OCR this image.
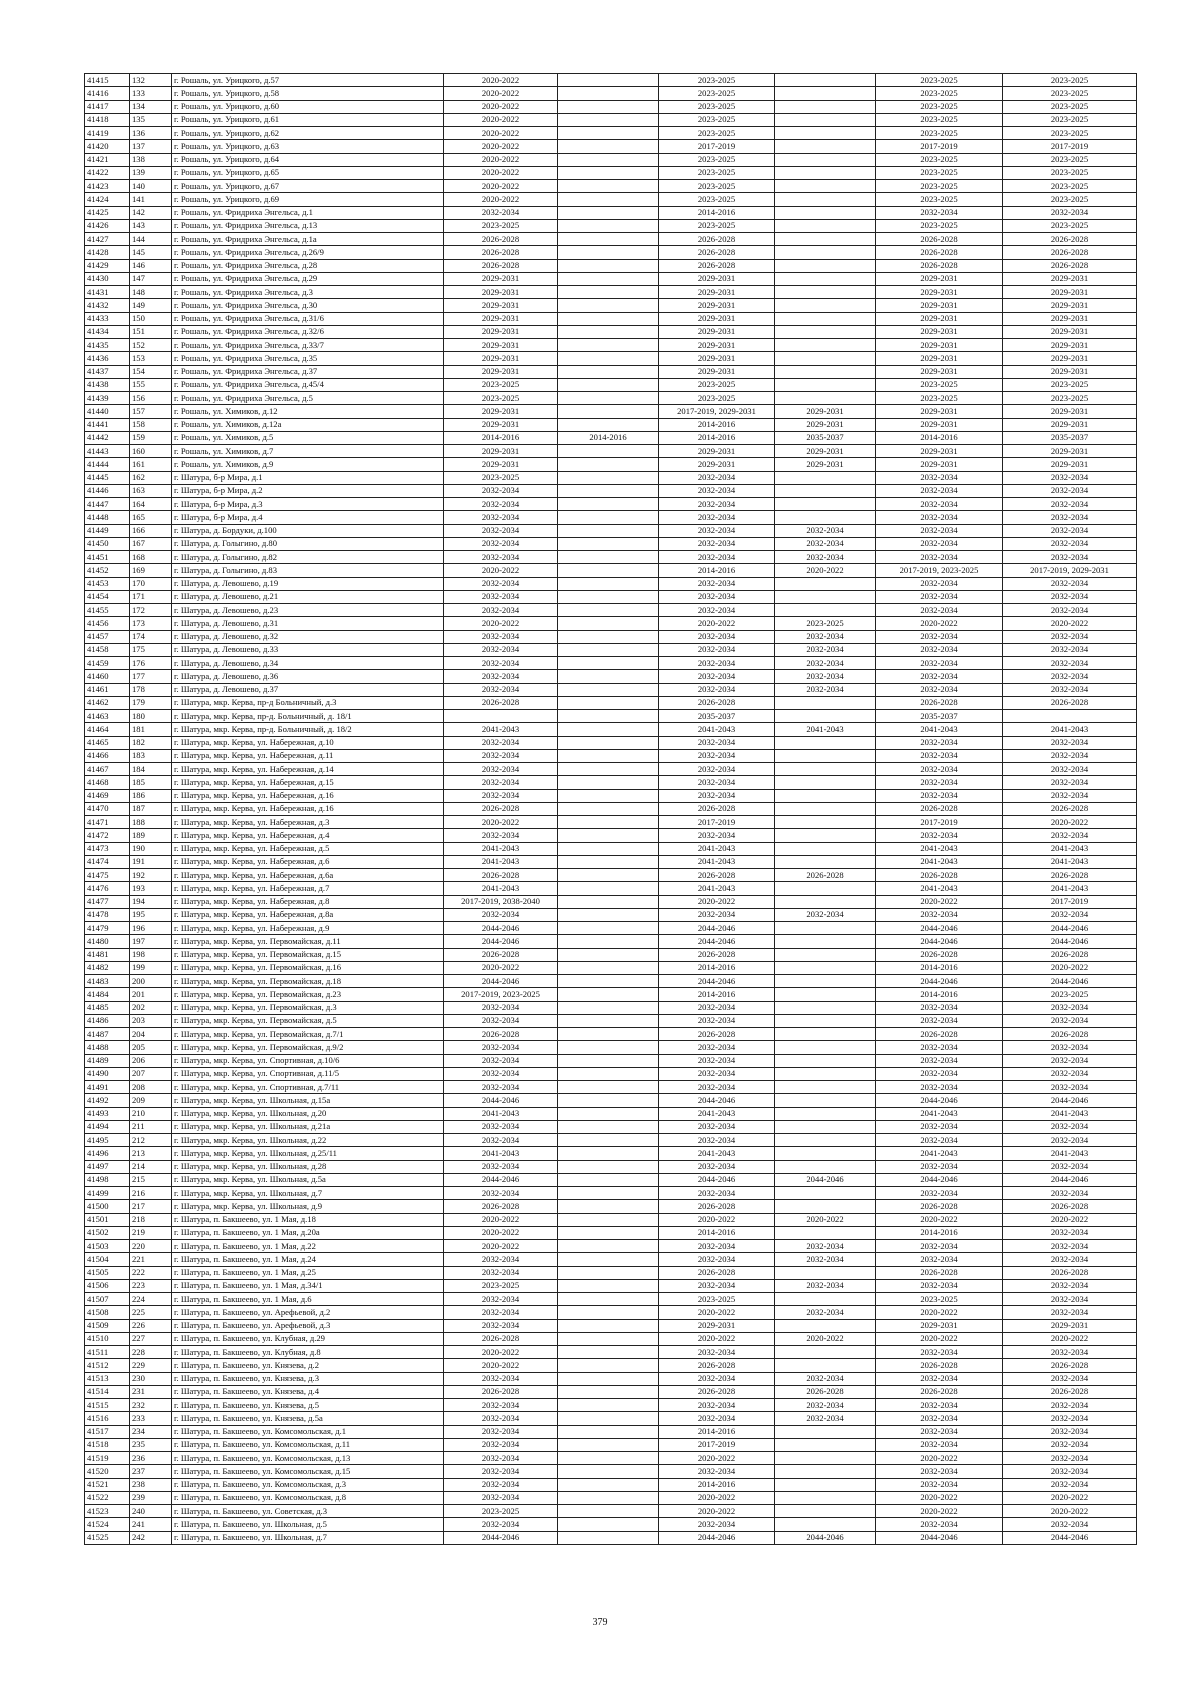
41415	132	г. Рошаль, ул. Урицкого, д.57	2020-2022		2023-2025		2023-2025	2023-2025
41416	133	г. Рошаль, ул. Урицкого, д.58	2020-2022		2023-2025		2023-2025	2023-2025
41417	134	г. Рошаль, ул. Урицкого, д.60	2020-2022		2023-2025		2023-2025	2023-2025
41418	135	г. Рошаль, ул. Урицкого, д.61	2020-2022		2023-2025		2023-2025	2023-2025
41419	136	г. Рошаль, ул. Урицкого, д.62	2020-2022		2023-2025		2023-2025	2023-2025
41420	137	г. Рошаль, ул. Урицкого, д.63	2020-2022		2017-2019		2017-2019	2017-2019
41421	138	г. Рошаль, ул. Урицкого, д.64	2020-2022		2023-2025		2023-2025	2023-2025
41422	139	г. Рошаль, ул. Урицкого, д.65	2020-2022		2023-2025		2023-2025	2023-2025
41423	140	г. Рошаль, ул. Урицкого, д.67	2020-2022		2023-2025		2023-2025	2023-2025
41424	141	г. Рошаль, ул. Урицкого, д.69	2020-2022		2023-2025		2023-2025	2023-2025
41425	142	г. Рошаль, ул. Фридриха Энгельса, д.1	2032-2034		2014-2016		2032-2034	2032-2034
41426	143	г. Рошаль, ул. Фридриха Энгельса, д.13	2023-2025		2023-2025		2023-2025	2023-2025
41427	144	г. Рошаль, ул. Фридриха Энгельса, д.1а	2026-2028		2026-2028		2026-2028	2026-2028
41428	145	г. Рошаль, ул. Фридриха Энгельса, д.26/9	2026-2028		2026-2028		2026-2028	2026-2028
41429	146	г. Рошаль, ул. Фридриха Энгельса, д.28	2026-2028		2026-2028		2026-2028	2026-2028
41430	147	г. Рошаль, ул. Фридриха Энгельса, д.29	2029-2031		2029-2031		2029-2031	2029-2031
41431	148	г. Рошаль, ул. Фридриха Энгельса, д.3	2029-2031		2029-2031		2029-2031	2029-2031
41432	149	г. Рошаль, ул. Фридриха Энгельса, д.30	2029-2031		2029-2031		2029-2031	2029-2031
41433	150	г. Рошаль, ул. Фридриха Энгельса, д.31/6	2029-2031		2029-2031		2029-2031	2029-2031
41434	151	г. Рошаль, ул. Фридриха Энгельса, д.32/6	2029-2031		2029-2031		2029-2031	2029-2031
41435	152	г. Рошаль, ул. Фридриха Энгельса, д.33/7	2029-2031		2029-2031		2029-2031	2029-2031
41436	153	г. Рошаль, ул. Фридриха Энгельса, д.35	2029-2031		2029-2031		2029-2031	2029-2031
41437	154	г. Рошаль, ул. Фридриха Энгельса, д.37	2029-2031		2029-2031		2029-2031	2029-2031
41438	155	г. Рошаль, ул. Фридриха Энгельса, д.45/4	2023-2025		2023-2025		2023-2025	2023-2025
41439	156	г. Рошаль, ул. Фридриха Энгельса, д.5	2023-2025		2023-2025		2023-2025	2023-2025
41440	157	г. Рошаль, ул. Химиков, д.12	2029-2031		2017-2019, 2029-2031	2029-2031	2029-2031	2029-2031
41441	158	г. Рошаль, ул. Химиков, д.12а	2029-2031		2014-2016	2029-2031	2029-2031	2029-2031
41442	159	г. Рошаль, ул. Химиков, д.5	2014-2016	2014-2016	2014-2016	2035-2037	2014-2016	2035-2037
41443	160	г. Рошаль, ул. Химиков, д.7	2029-2031		2029-2031	2029-2031	2029-2031	2029-2031
41444	161	г. Рошаль, ул. Химиков, д.9	2029-2031		2029-2031	2029-2031	2029-2031	2029-2031
41445	162	г. Шатура, б-р Мира, д.1	2023-2025		2032-2034		2032-2034	2032-2034
41446	163	г. Шатура, б-р Мира, д.2	2032-2034		2032-2034		2032-2034	2032-2034
41447	164	г. Шатура, б-р Мира, д.3	2032-2034		2032-2034		2032-2034	2032-2034
41448	165	г. Шатура, б-р Мира, д.4	2032-2034		2032-2034		2032-2034	2032-2034
41449	166	г. Шатура, д. Бордуки, д.100	2032-2034		2032-2034	2032-2034	2032-2034	2032-2034
41450	167	г. Шатура, д. Голыгино, д.80	2032-2034		2032-2034	2032-2034	2032-2034	2032-2034
41451	168	г. Шатура, д. Голыгино, д.82	2032-2034		2032-2034	2032-2034	2032-2034	2032-2034
41452	169	г. Шатура, д. Голыгино, д.83	2020-2022		2014-2016	2020-2022	2017-2019, 2023-2025	2017-2019, 2029-2031
41453	170	г. Шатура, д. Левошево, д.19	2032-2034		2032-2034		2032-2034	2032-2034
41454	171	г. Шатура, д. Левошево, д.21	2032-2034		2032-2034		2032-2034	2032-2034
41455	172	г. Шатура, д. Левошево, д.23	2032-2034		2032-2034		2032-2034	2032-2034
41456	173	г. Шатура, д. Левошево, д.31	2020-2022		2020-2022	2023-2025	2020-2022	2020-2022
41457	174	г. Шатура, д. Левошево, д.32	2032-2034		2032-2034	2032-2034	2032-2034	2032-2034
41458	175	г. Шатура, д. Левошево, д.33	2032-2034		2032-2034	2032-2034	2032-2034	2032-2034
41459	176	г. Шатура, д. Левошево, д.34	2032-2034		2032-2034	2032-2034	2032-2034	2032-2034
41460	177	г. Шатура, д. Левошево, д.36	2032-2034		2032-2034	2032-2034	2032-2034	2032-2034
41461	178	г. Шатура, д. Левошево, д.37	2032-2034		2032-2034	2032-2034	2032-2034	2032-2034
41462	179	г. Шатура, мкр. Керва, пр-д Больничный, д.3	2026-2028		2026-2028		2026-2028	2026-2028
41463	180	г. Шатура, мкр. Керва, пр-д. Больничный, д. 18/1			2035-2037		2035-2037	
41464	181	г. Шатура, мкр. Керва, пр-д. Больничный, д. 18/2	2041-2043		2041-2043	2041-2043	2041-2043	2041-2043
41465	182	г. Шатура, мкр. Керва, ул. Набережная, д.10	2032-2034		2032-2034		2032-2034	2032-2034
41466	183	г. Шатура, мкр. Керва, ул. Набережная, д.11	2032-2034		2032-2034		2032-2034	2032-2034
41467	184	г. Шатура, мкр. Керва, ул. Набережная, д.14	2032-2034		2032-2034		2032-2034	2032-2034
41468	185	г. Шатура, мкр. Керва, ул. Набережная, д.15	2032-2034		2032-2034		2032-2034	2032-2034
41469	186	г. Шатура, мкр. Керва, ул. Набережная, д.16	2032-2034		2032-2034		2032-2034	2032-2034
41470	187	г. Шатура, мкр. Керва, ул. Набережная, д.16	2026-2028		2026-2028		2026-2028	2026-2028
41471	188	г. Шатура, мкр. Керва, ул. Набережная, д.3	2020-2022		2017-2019		2017-2019	2020-2022
41472	189	г. Шатура, мкр. Керва, ул. Набережная, д.4	2032-2034		2032-2034		2032-2034	2032-2034
41473	190	г. Шатура, мкр. Керва, ул. Набережная, д.5	2041-2043		2041-2043		2041-2043	2041-2043
41474	191	г. Шатура, мкр. Керва, ул. Набережная, д.6	2041-2043		2041-2043		2041-2043	2041-2043
41475	192	г. Шатура, мкр. Керва, ул. Набережная, д.6а	2026-2028		2026-2028	2026-2028	2026-2028	2026-2028
41476	193	г. Шатура, мкр. Керва, ул. Набережная, д.7	2041-2043		2041-2043		2041-2043	2041-2043
41477	194	г. Шатура, мкр. Керва, ул. Набережная, д.8	2017-2019, 2038-2040		2020-2022		2020-2022	2017-2019
41478	195	г. Шатура, мкр. Керва, ул. Набережная, д.8а	2032-2034		2032-2034	2032-2034	2032-2034	2032-2034
41479	196	г. Шатура, мкр. Керва, ул. Набережная, д.9	2044-2046		2044-2046		2044-2046	2044-2046
41480	197	г. Шатура, мкр. Керва, ул. Первомайская, д.11	2044-2046		2044-2046		2044-2046	2044-2046
41481	198	г. Шатура, мкр. Керва, ул. Первомайская, д.15	2026-2028		2026-2028		2026-2028	2026-2028
41482	199	г. Шатура, мкр. Керва, ул. Первомайская, д.16	2020-2022		2014-2016		2014-2016	2020-2022
41483	200	г. Шатура, мкр. Керва, ул. Первомайская, д.18	2044-2046		2044-2046		2044-2046	2044-2046
41484	201	г. Шатура, мкр. Керва, ул. Первомайская, д.23	2017-2019, 2023-2025		2014-2016		2014-2016	2023-2025
41485	202	г. Шатура, мкр. Керва, ул. Первомайская, д.3	2032-2034		2032-2034		2032-2034	2032-2034
41486	203	г. Шатура, мкр. Керва, ул. Первомайская, д.5	2032-2034		2032-2034		2032-2034	2032-2034
41487	204	г. Шатура, мкр. Керва, ул. Первомайская, д.7/1	2026-2028		2026-2028		2026-2028	2026-2028
41488	205	г. Шатура, мкр. Керва, ул. Первомайская, д.9/2	2032-2034		2032-2034		2032-2034	2032-2034
41489	206	г. Шатура, мкр. Керва, ул. Спортивная, д.10/6	2032-2034		2032-2034		2032-2034	2032-2034
41490	207	г. Шатура, мкр. Керва, ул. Спортивная, д.11/5	2032-2034		2032-2034		2032-2034	2032-2034
41491	208	г. Шатура, мкр. Керва, ул. Спортивная, д.7/11	2032-2034		2032-2034		2032-2034	2032-2034
41492	209	г. Шатура, мкр. Керва, ул. Школьная, д.15а	2044-2046		2044-2046		2044-2046	2044-2046
41493	210	г. Шатура, мкр. Керва, ул. Школьная, д.20	2041-2043		2041-2043		2041-2043	2041-2043
41494	211	г. Шатура, мкр. Керва, ул. Школьная, д.21а	2032-2034		2032-2034		2032-2034	2032-2034
41495	212	г. Шатура, мкр. Керва, ул. Школьная, д.22	2032-2034		2032-2034		2032-2034	2032-2034
41496	213	г. Шатура, мкр. Керва, ул. Школьная, д.25/11	2041-2043		2041-2043		2041-2043	2041-2043
41497	214	г. Шатура, мкр. Керва, ул. Школьная, д.28	2032-2034		2032-2034		2032-2034	2032-2034
41498	215	г. Шатура, мкр. Керва, ул. Школьная, д.5а	2044-2046		2044-2046	2044-2046	2044-2046	2044-2046
41499	216	г. Шатура, мкр. Керва, ул. Школьная, д.7	2032-2034		2032-2034		2032-2034	2032-2034
41500	217	г. Шатура, мкр. Керва, ул. Школьная, д.9	2026-2028		2026-2028		2026-2028	2026-2028
41501	218	г. Шатура, п. Бакшеево, ул. 1 Мая, д.18	2020-2022		2020-2022	2020-2022	2020-2022	2020-2022
41502	219	г. Шатура, п. Бакшеево, ул. 1 Мая, д.20а	2020-2022		2014-2016		2014-2016	2032-2034
41503	220	г. Шатура, п. Бакшеево, ул. 1 Мая, д.22	2020-2022		2032-2034	2032-2034	2032-2034	2032-2034
41504	221	г. Шатура, п. Бакшеево, ул. 1 Мая, д.24	2032-2034		2032-2034	2032-2034	2032-2034	2032-2034
41505	222	г. Шатура, п. Бакшеево, ул. 1 Мая, д.25	2032-2034		2026-2028		2026-2028	2026-2028
41506	223	г. Шатура, п. Бакшеево, ул. 1 Мая, д.34/1	2023-2025		2032-2034	2032-2034	2032-2034	2032-2034
41507	224	г. Шатура, п. Бакшеево, ул. 1 Мая, д.6	2032-2034		2023-2025		2023-2025	2032-2034
41508	225	г. Шатура, п. Бакшеево, ул. Арефьевой, д.2	2032-2034		2020-2022	2032-2034	2020-2022	2032-2034
41509	226	г. Шатура, п. Бакшеево, ул. Арефьевой, д.3	2032-2034		2029-2031		2029-2031	2029-2031
41510	227	г. Шатура, п. Бакшеево, ул. Клубная, д.29	2026-2028		2020-2022	2020-2022	2020-2022	2020-2022
41511	228	г. Шатура, п. Бакшеево, ул. Клубная, д.8	2020-2022		2032-2034		2032-2034	2032-2034
41512	229	г. Шатура, п. Бакшеево, ул. Князева, д.2	2020-2022		2026-2028		2026-2028	2026-2028
41513	230	г. Шатура, п. Бакшеево, ул. Князева, д.3	2032-2034		2032-2034	2032-2034	2032-2034	2032-2034
41514	231	г. Шатура, п. Бакшеево, ул. Князева, д.4	2026-2028		2026-2028	2026-2028	2026-2028	2026-2028
41515	232	г. Шатура, п. Бакшеево, ул. Князева, д.5	2032-2034		2032-2034	2032-2034	2032-2034	2032-2034
41516	233	г. Шатура, п. Бакшеево, ул. Князева, д.5а	2032-2034		2032-2034	2032-2034	2032-2034	2032-2034
41517	234	г. Шатура, п. Бакшеево, ул. Комсомольская, д.1	2032-2034		2014-2016		2032-2034	2032-2034
41518	235	г. Шатура, п. Бакшеево, ул. Комсомольская, д.11	2032-2034		2017-2019		2032-2034	2032-2034
41519	236	г. Шатура, п. Бакшеево, ул. Комсомольская, д.13	2032-2034		2020-2022		2020-2022	2032-2034
41520	237	г. Шатура, п. Бакшеево, ул. Комсомольская, д.15	2032-2034		2032-2034		2032-2034	2032-2034
41521	238	г. Шатура, п. Бакшеево, ул. Комсомольская, д.3	2032-2034		2014-2016		2032-2034	2032-2034
41522	239	г. Шатура, п. Бакшеево, ул. Комсомольская, д.8	2032-2034		2020-2022		2020-2022	2020-2022
41523	240	г. Шатура, п. Бакшеево, ул. Советская, д.3	2023-2025		2020-2022		2020-2022	2020-2022
41524	241	г. Шатура, п. Бакшеево, ул. Школьная, д.5	2032-2034		2032-2034		2032-2034	2032-2034
41525	242	г. Шатура, п. Бакшеево, ул. Школьная, д.7	2044-2046		2044-2046	2044-2046	2044-2046	2044-2046
379
